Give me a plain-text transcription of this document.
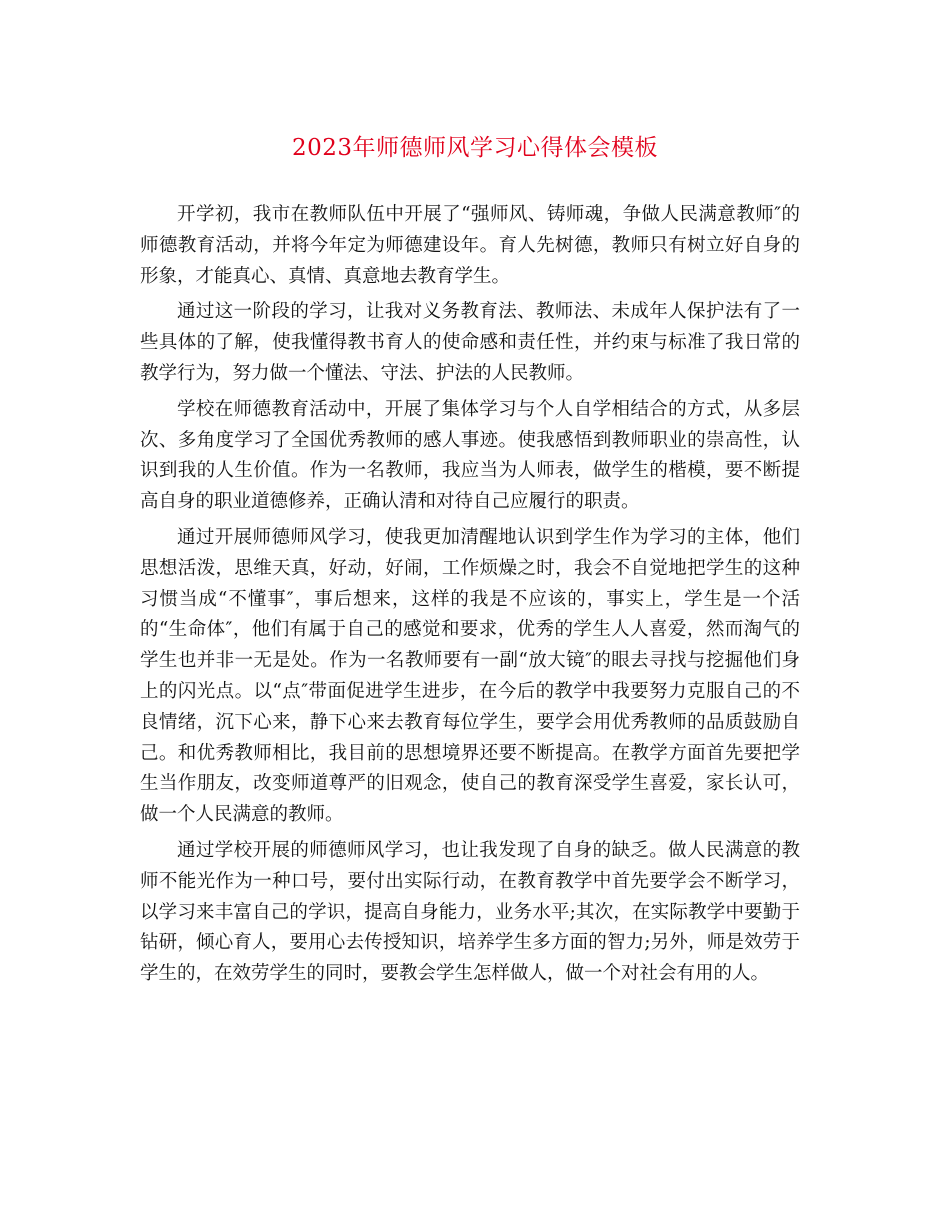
2023年师德师风学习心得体会模板

开学初，我市在教师队伍中开展了“强师风、铸师魂，争做人民满意教师″的师德教育活动，并将今年定为师德建设年。育人先树德，教师只有树立好自身的形象，才能真心、真情、真意地去教育学生。

通过这一阶段的学习，让我对义务教育法、教师法、未成年人保护法有了一些具体的了解，使我懂得教书育人的使命感和责任性，并约束与标准了我日常的教学行为，努力做一个懂法、守法、护法的人民教师。

学校在师德教育活动中，开展了集体学习与个人自学相结合的方式，从多层次、多角度学习了全国优秀教师的感人事迹。使我感悟到教师职业的崇高性，认识到我的人生价值。作为一名教师，我应当为人师表，做学生的楷模，要不断提高自身的职业道德修养，正确认清和对待自己应履行的职责。

通过开展师德师风学习，使我更加清醒地认识到学生作为学习的主体，他们思想活泼，思维天真，好动，好闹，工作烦燥之时，我会不自觉地把学生的这种习惯当成“不懂事″，事后想来，这样的我是不应该的，事实上，学生是一个活的“生命体″，他们有属于自己的感觉和要求，优秀的学生人人喜爱，然而淘气的学生也并非一无是处。作为一名教师要有一副“放大镜″的眼去寻找与挖掘他们身上的闪光点。以“点″带面促进学生进步，在今后的教学中我要努力克服自己的不良情绪，沉下心来，静下心来去教育每位学生，要学会用优秀教师的品质鼓励自己。和优秀教师相比，我目前的思想境界还要不断提高。在教学方面首先要把学生当作朋友，改变师道尊严的旧观念，使自己的教育深受学生喜爱，家长认可，做一个人民满意的教师。

通过学校开展的师德师风学习，也让我发现了自身的缺乏。做人民满意的教师不能光作为一种口号，要付出实际行动，在教育教学中首先要学会不断学习，以学习来丰富自己的学识，提高自身能力，业务水平;其次，在实际教学中要勤于钻研，倾心育人，要用心去传授知识，培养学生多方面的智力;另外，师是效劳于学生的，在效劳学生的同时，要教会学生怎样做人，做一个对社会有用的人。
